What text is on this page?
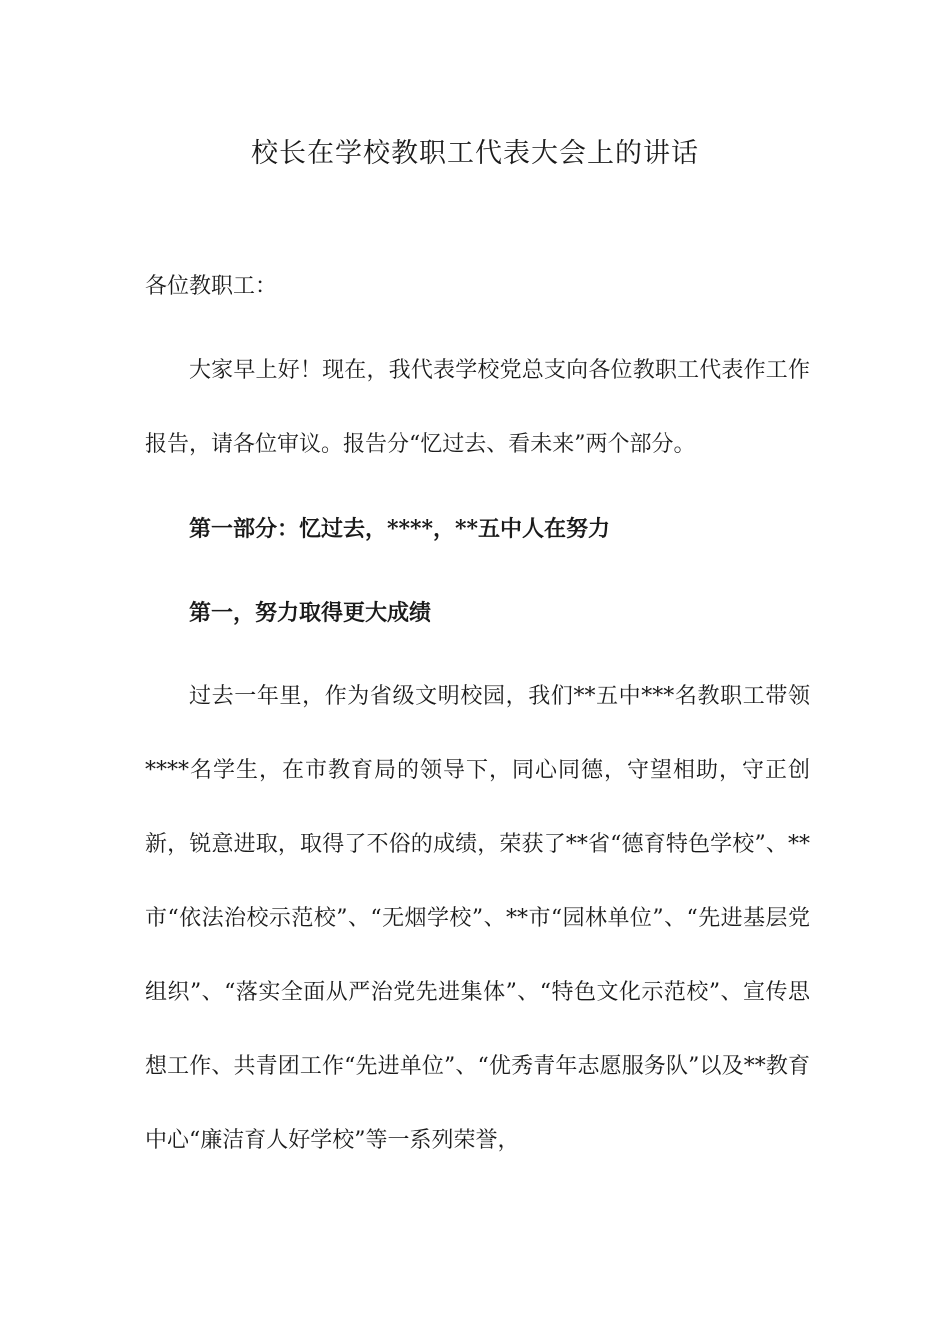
校长在学校教职工代表大会上的讲话

各位教职工：

大家早上好！现在，我代表学校党总支向各位教职工代表作工作报告，请各位审议。报告分“忆过去、看未来”两个部分。

第一部分：忆过去，****，**五中人在努力

第一，努力取得更大成绩

过去一年里，作为省级文明校园，我们**五中***名教职工带领****名学生，在市教育局的领导下，同心同德，守望相助，守正创新，锐意进取，取得了不俗的成绩，荣获了**省“德育特色学校”、**市“依法治校示范校”、“无烟学校”、**市“园林单位”、“先进基层党组织”、“落实全面从严治党先进集体”、“特色文化示范校”、宣传思想工作、共青团工作“先进单位”、“优秀青年志愿服务队”以及**教育中心“廉洁育人好学校”等一系列荣誉，
